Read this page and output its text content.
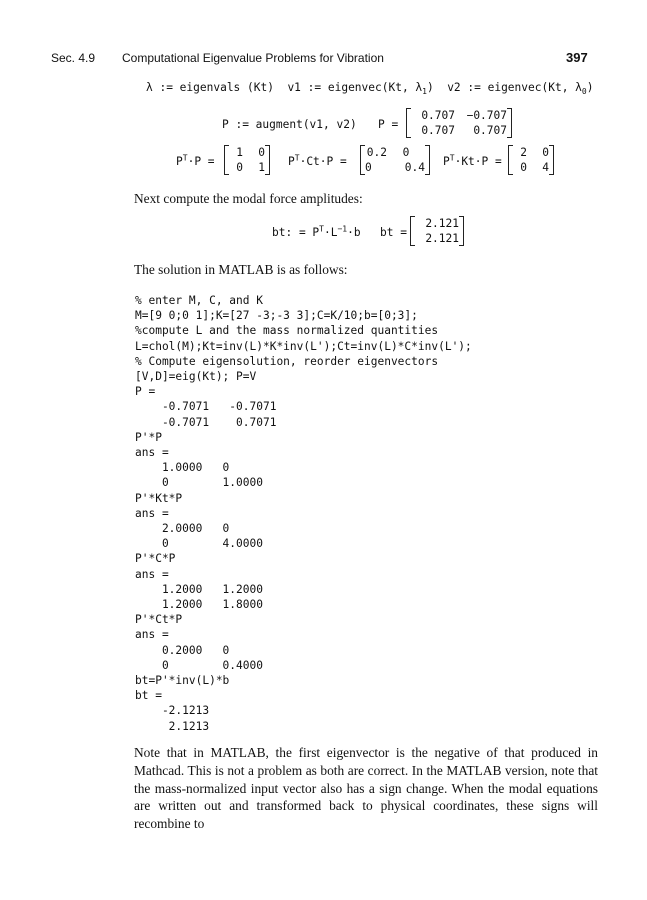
Sec. 4.9 Computational Eigenvalue Problems for Vibration	397
λ := eigenvals (Kt)  v1 := eigenvec(Kt, $\lambda_1$)  v2 := eigenvec(Kt, $\lambda_0$)
P := augment(v1, v2) P =
0.707	−0.707
0.707	0.707
$P^T\cdot P$ =
1	0
0	1 $P^T\cdot Ct\cdot P$ =
0.2	0
0	0.4 $P^T\cdot Kt\cdot P$ =
2	0
0	4
Next compute the modal force amplitudes:
bt: = $P^T\cdot L^{-1}\cdot b$ bt =
2.121
2.121
The solution in MATLAB is as follows:
% enter M, C, and K
M=[9 0;0 1];K=[27 -3;-3 3];C=K/10;b=[0;3];
%compute L and the mass normalized quantities
L=chol(M);Kt=inv(L)*K*inv(L');Ct=inv(L)*C*inv(L');
% Compute eigensolution, reorder eigenvectors
[V,D]=eig(Kt); P=V
P =
-0.7071   -0.7071
-0.7071    0.7071
P'*P
ans =
1.0000   0
0        1.0000
P'*Kt*P
ans =
2.0000   0
0        4.0000
P'*C*P
ans =
1.2000   1.2000
1.2000   1.8000
P'*Ct*P
ans =
0.2000   0
0        0.4000
bt=P'*inv(L)*b
bt =
-2.1213
2.1213
Note that in MATLAB, the first eigenvector is the negative of that produced in Mathcad. This is not a problem as both are correct. In the MATLAB version, note that the mass-normalized input vector also has a sign change. When the modal equations are written out and transformed back to physical coordinates, these signs will recombine to
